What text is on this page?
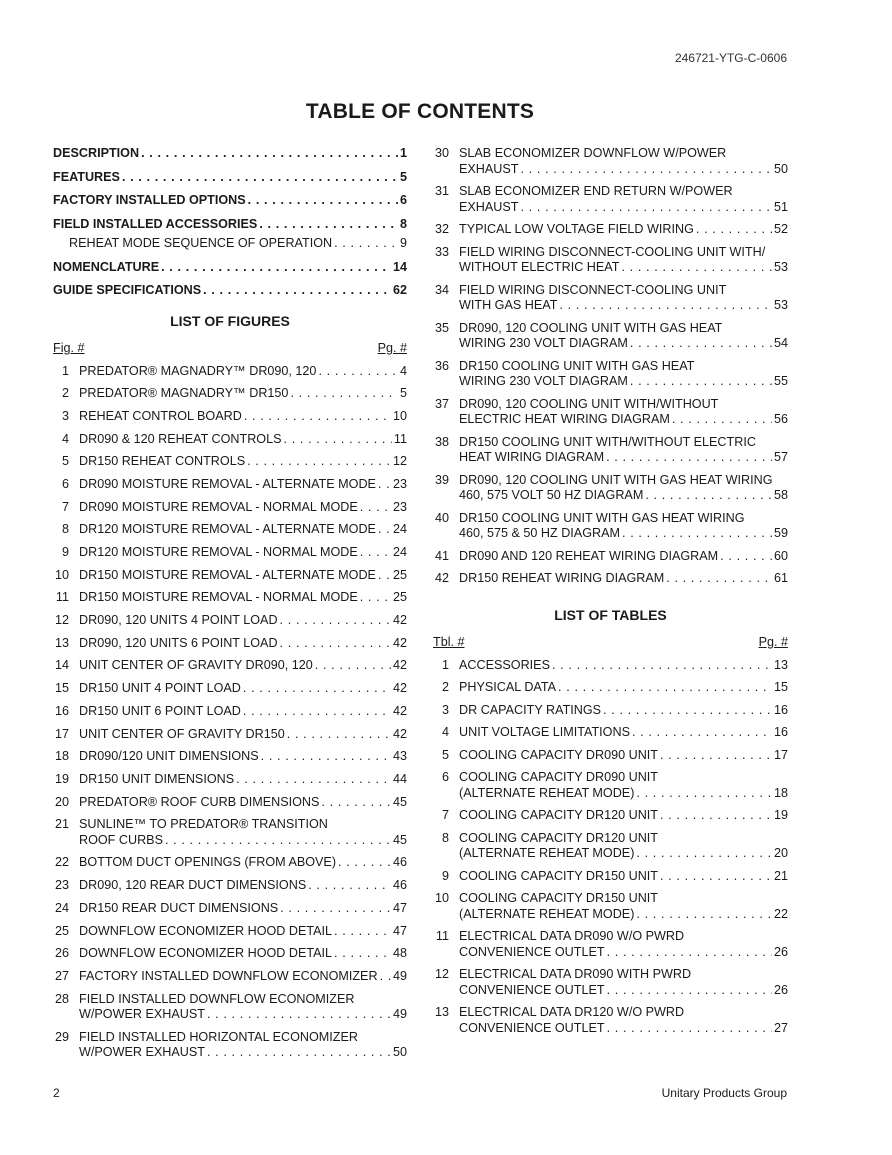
246721-YTG-C-0606
TABLE OF CONTENTS
DESCRIPTION . . .	1
FEATURES . . .	5
FACTORY INSTALLED OPTIONS . . .	6
FIELD INSTALLED ACCESSORIES . . .	8
REHEAT MODE SEQUENCE OF OPERATION . . .	9
NOMENCLATURE . . .	14
GUIDE SPECIFICATIONS . . .	62
LIST OF FIGURES
Fig. #	Pg. #
1 PREDATOR® MAGNADRY™ DR090, 120 . . .	4
2 PREDATOR® MAGNADRY™ DR150 . . .	5
3 REHEAT CONTROL BOARD . . .	10
4 DR090 & 120 REHEAT CONTROLS . . .	11
5 DR150 REHEAT CONTROLS . . .	12
6 DR090 MOISTURE REMOVAL - ALTERNATE MODE . . . 23
7 DR090 MOISTURE REMOVAL - NORMAL MODE . . .	23
8 DR120 MOISTURE REMOVAL - ALTERNATE MODE . . . 24
9 DR120 MOISTURE REMOVAL - NORMAL MODE . . .	24
10 DR150 MOISTURE REMOVAL - ALTERNATE MODE . . . 25
11 DR150 MOISTURE REMOVAL - NORMAL MODE . . .	25
12 DR090, 120 UNITS 4 POINT LOAD . . .	42
13 DR090, 120 UNITS 6 POINT LOAD . . .	42
14 UNIT CENTER OF GRAVITY DR090, 120 . . .	42
15 DR150 UNIT 4 POINT LOAD . . .	42
16 DR150 UNIT 6 POINT LOAD . . .	42
17 UNIT CENTER OF GRAVITY DR150 . . .	42
18 DR090/120 UNIT DIMENSIONS . . .	43
19 DR150 UNIT DIMENSIONS . . .	44
20 PREDATOR® ROOF CURB DIMENSIONS . . .	45
21 SUNLINE™ TO PREDATOR® TRANSITION
ROOF CURBS . . .	45
22 BOTTOM DUCT OPENINGS (FROM ABOVE) . . .	46
23 DR090, 120 REAR DUCT DIMENSIONS . . .	46
24 DR150 REAR DUCT DIMENSIONS . . .	47
25 DOWNFLOW ECONOMIZER HOOD DETAIL . . .	47
26 DOWNFLOW ECONOMIZER HOOD DETAIL . . .	48
27 FACTORY INSTALLED DOWNFLOW ECONOMIZER . . . 49
28 FIELD INSTALLED DOWNFLOW ECONOMIZER
W/POWER EXHAUST . . .	49
29 FIELD INSTALLED HORIZONTAL ECONOMIZER
W/POWER EXHAUST . . .	50
30 SLAB ECONOMIZER DOWNFLOW W/POWER
EXHAUST . . .	50
31 SLAB ECONOMIZER END RETURN W/POWER
EXHAUST . . .	51
32 TYPICAL LOW VOLTAGE FIELD WIRING . . .	52
33 FIELD WIRING DISCONNECT-COOLING UNIT WITH/
WITHOUT ELECTRIC HEAT . . .	53
34 FIELD WIRING DISCONNECT-COOLING UNIT
WITH GAS HEAT . . .	53
35 DR090, 120 COOLING UNIT WITH GAS HEAT
WIRING 230 VOLT DIAGRAM . . .	54
36 DR150 COOLING UNIT WITH GAS HEAT
WIRING 230 VOLT DIAGRAM . . .	55
37 DR090, 120 COOLING UNIT WITH/WITHOUT
ELECTRIC HEAT WIRING DIAGRAM . . .	56
38 DR150 COOLING UNIT WITH/WITHOUT ELECTRIC
HEAT WIRING DIAGRAM . . .	57
39 DR090, 120 COOLING UNIT WITH GAS HEAT WIRING
460, 575 VOLT 50 HZ DIAGRAM . . .	58
40 DR150 COOLING UNIT WITH GAS HEAT WIRING
460, 575 & 50 HZ DIAGRAM . . .	59
41 DR090 AND 120 REHEAT WIRING DIAGRAM . . .	60
42 DR150 REHEAT WIRING DIAGRAM . . .	61
LIST OF TABLES
Tbl. #	Pg. #
1 ACCESSORIES . . .	13
2 PHYSICAL DATA . . .	15
3 DR CAPACITY RATINGS . . .	16
4 UNIT VOLTAGE LIMITATIONS . . .	16
5 COOLING CAPACITY DR090 UNIT . . .	17
6 COOLING CAPACITY DR090 UNIT
(ALTERNATE REHEAT MODE) . . .	18
7 COOLING CAPACITY DR120 UNIT . . .	19
8 COOLING CAPACITY DR120 UNIT
(ALTERNATE REHEAT MODE) . . .	20
9 COOLING CAPACITY DR150 UNIT . . .	21
10 COOLING CAPACITY DR150 UNIT
(ALTERNATE REHEAT MODE) . . .	22
11 ELECTRICAL DATA DR090 W/O PWRD
CONVENIENCE OUTLET . . .	26
12 ELECTRICAL DATA DR090 WITH PWRD
CONVENIENCE OUTLET . . .	26
13 ELECTRICAL DATA DR120 W/O PWRD
CONVENIENCE OUTLET . . .	27
2	Unitary Products Group
